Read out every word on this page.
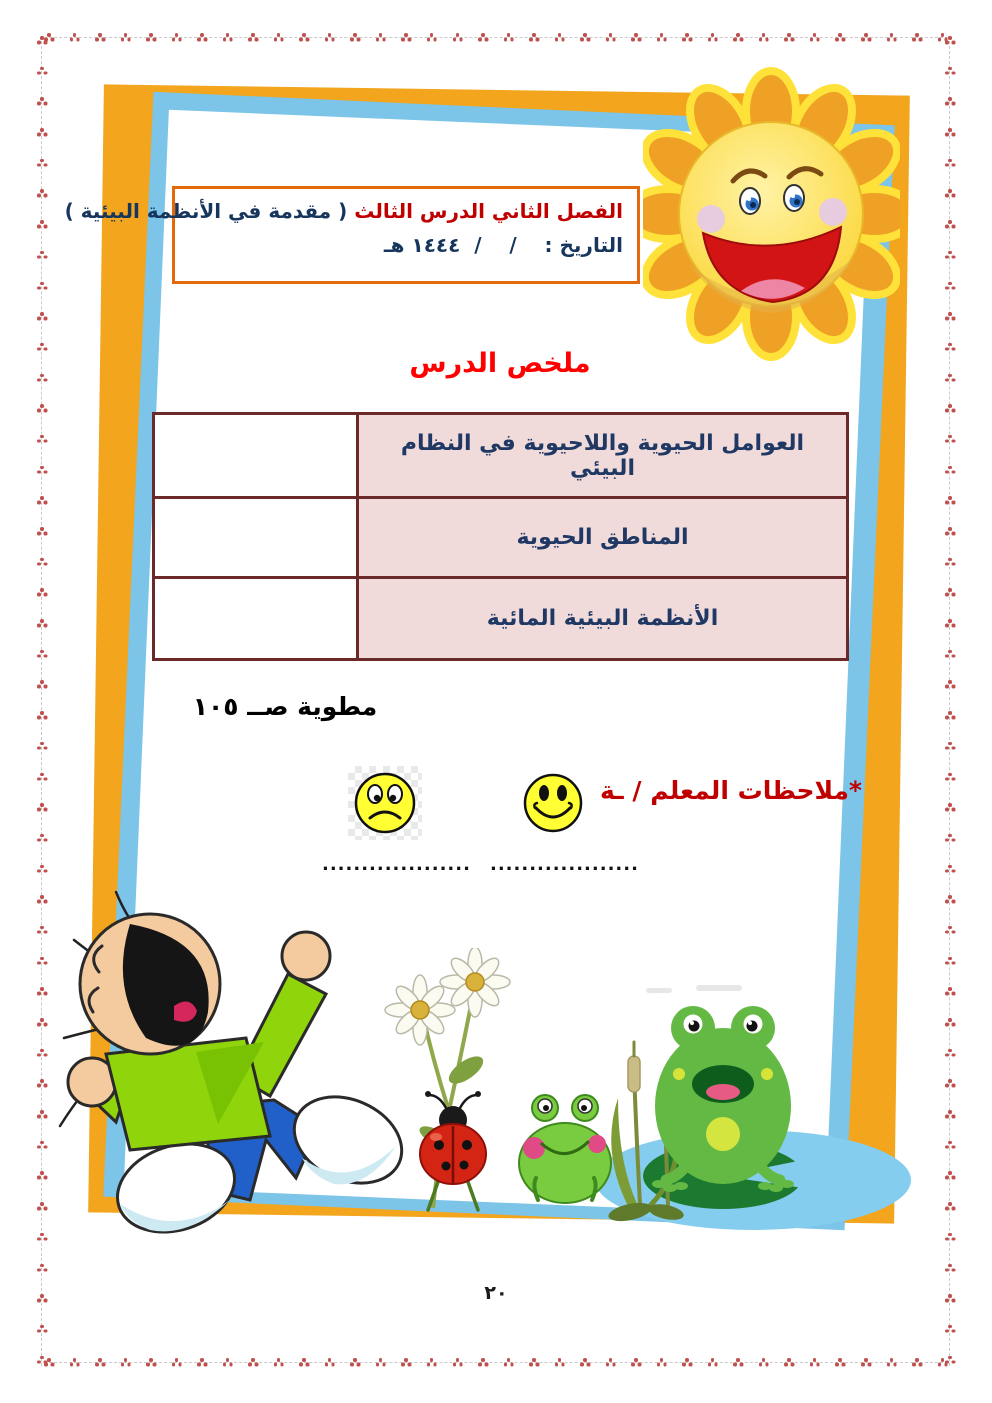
الفصل الثاني الدرس الثالث ( مقدمة في الأنظمة البيئية )
التاريخ :    /    /  ١٤٤٤ هـ
ملخص الدرس
	العوامل الحيوية واللاحيوية في النظام البيئي
	المناطق الحيوية
	الأنظمة البيئية المائية
مطوية صــ ١٠٥
*ملاحظات المعلم / ـة
................... ...................
٢٠
